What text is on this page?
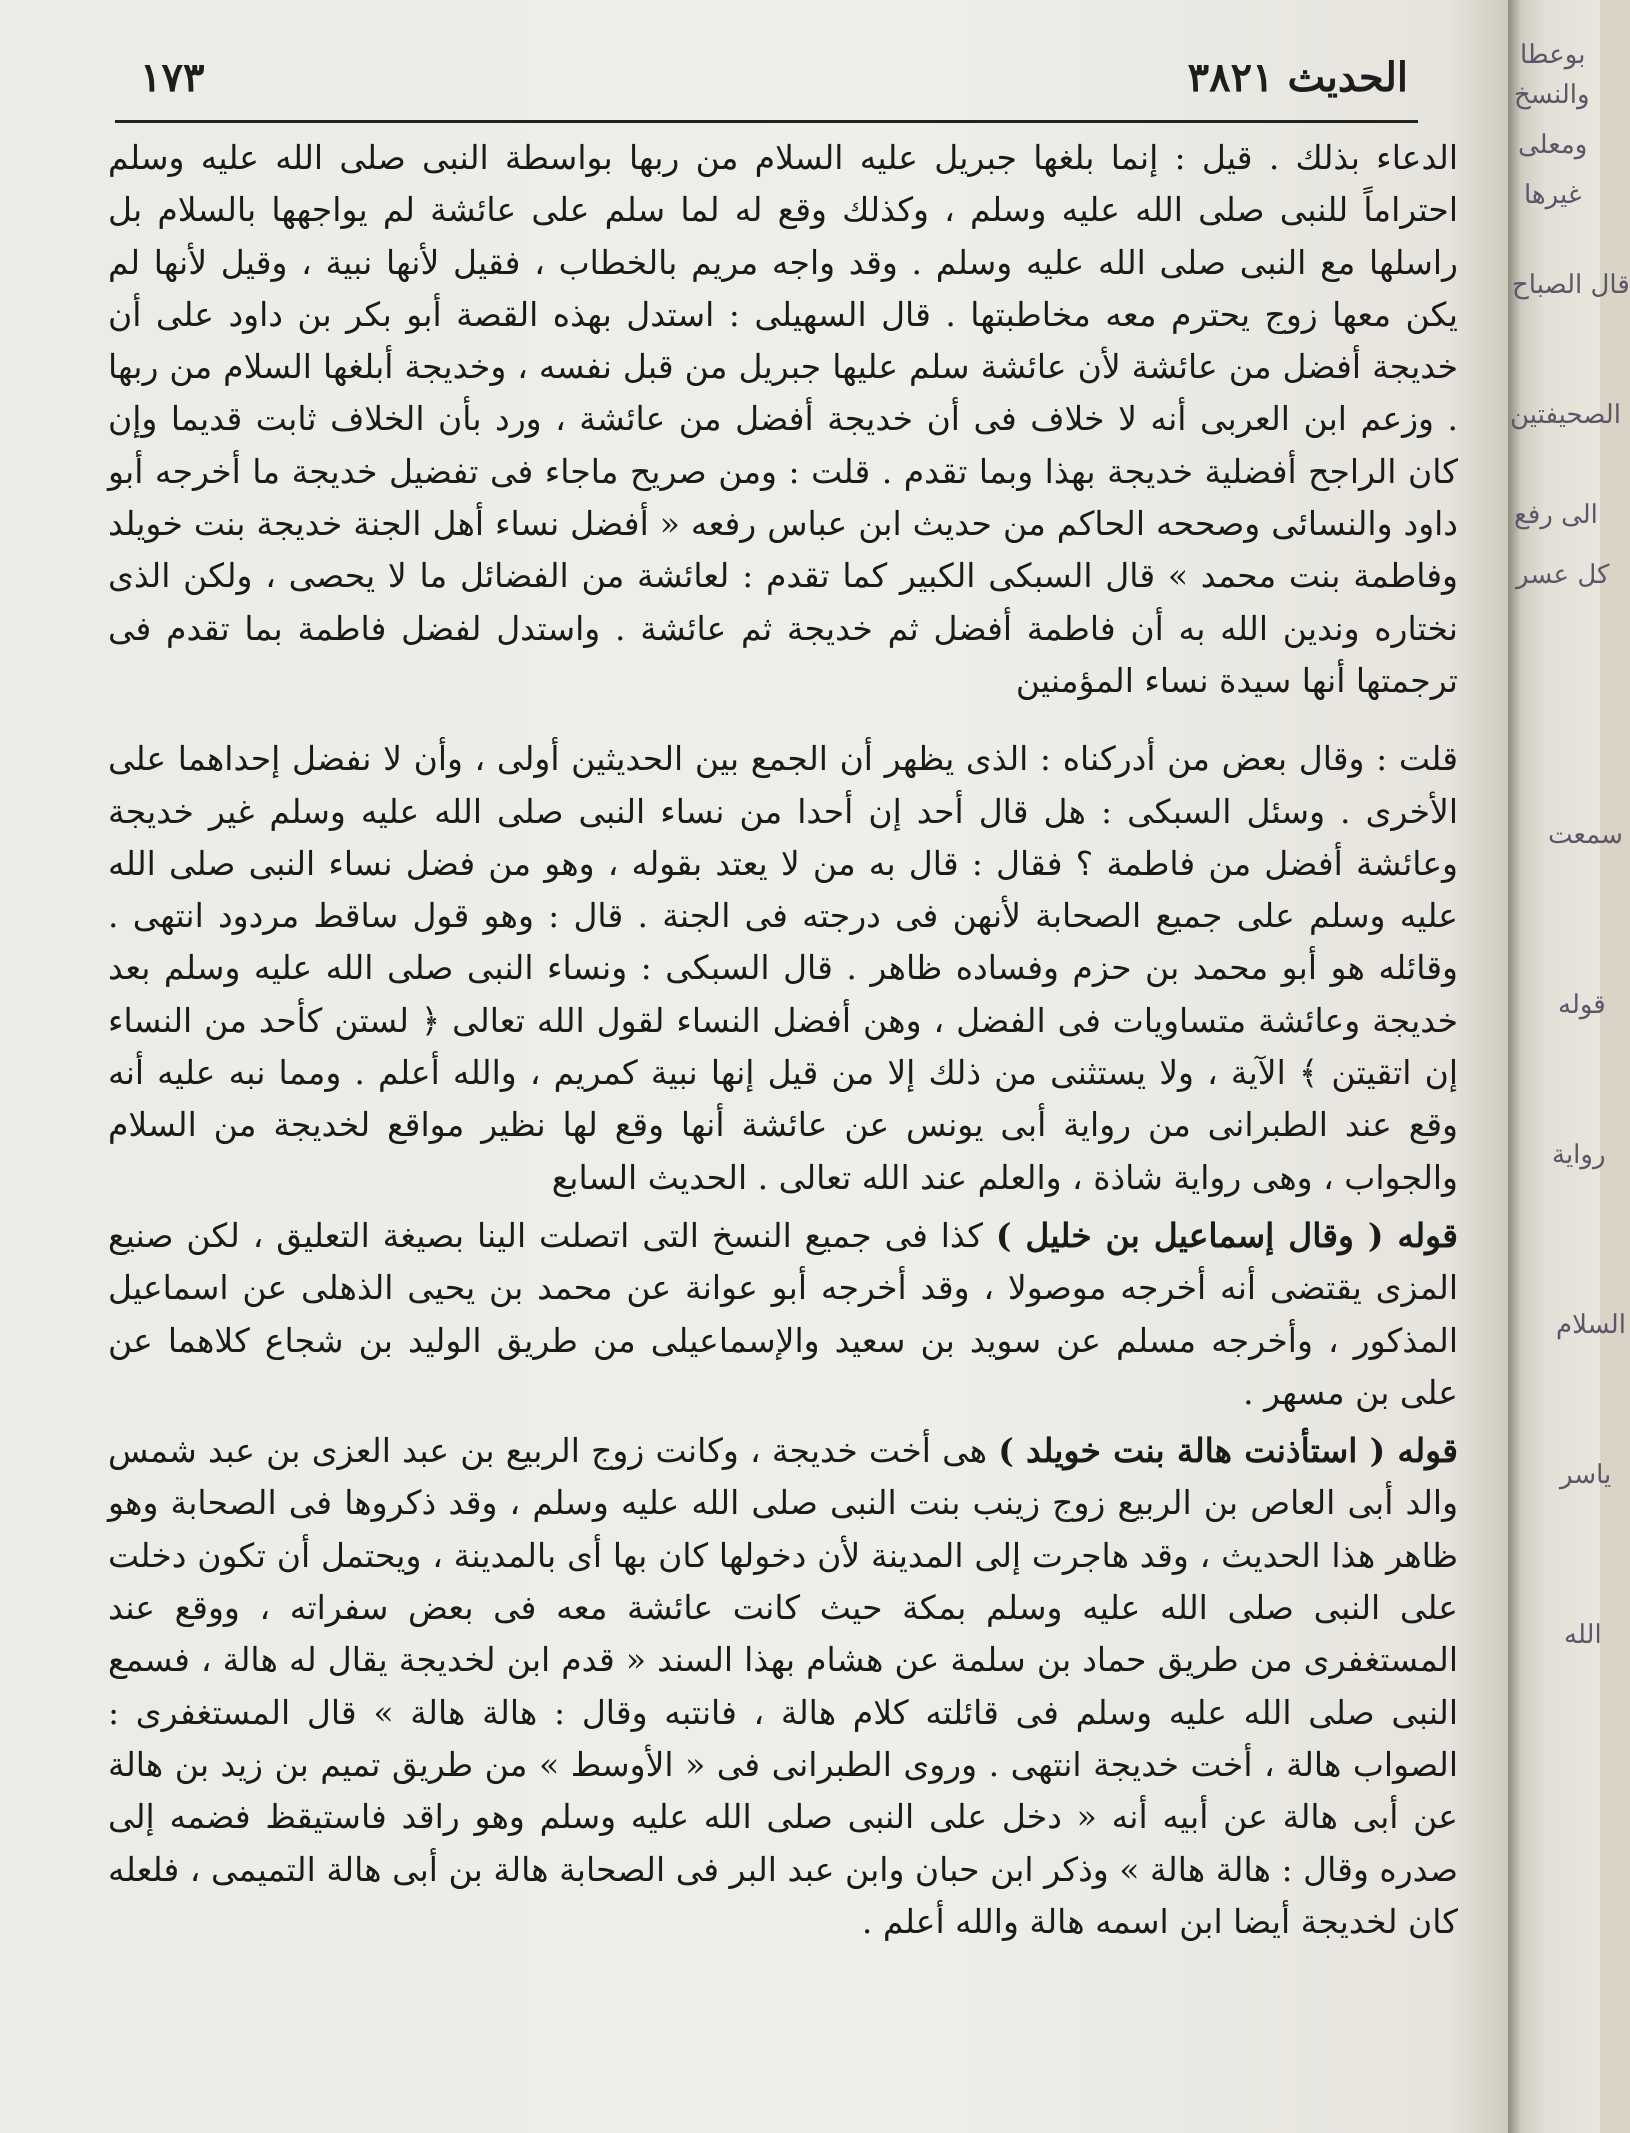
الحديث ٣٨٢١
١٧٣

الدعاء بذلك . قيل : إنما بلغها جبريل عليه السلام من ربها بواسطة النبى صلى الله عليه وسلم احتراماً للنبى صلى الله عليه وسلم ، وكذلك وقع له لما سلم على عائشة لم يواجهها بالسلام بل راسلها مع النبى صلى الله عليه وسلم . وقد واجه مريم بالخطاب ، فقيل لأنها نبية ، وقيل لأنها لم يكن معها زوج يحترم معه مخاطبتها . قال السهيلى : استدل بهذه القصة أبو بكر بن داود على أن خديجة أفضل من عائشة لأن عائشة سلم عليها جبريل من قبل نفسه ، وخديجة أبلغها السلام من ربها . وزعم ابن العربى أنه لا خلاف فى أن خديجة أفضل من عائشة ، ورد بأن الخلاف ثابت قديما وإن كان الراجح أفضلية خديجة بهذا وبما تقدم . قلت : ومن صريح ماجاء فى تفضيل خديجة ما أخرجه أبو داود والنسائى وصححه الحاكم من حديث ابن عباس رفعه « أفضل نساء أهل الجنة خديجة بنت خويلد وفاطمة بنت محمد » قال السبكى الكبير كما تقدم : لعائشة من الفضائل ما لا يحصى ، ولكن الذى نختاره وندين الله به أن فاطمة أفضل ثم خديجة ثم عائشة . واستدل لفضل فاطمة بما تقدم فى ترجمتها أنها سيدة نساء المؤمنين

قلت : وقال بعض من أدركناه : الذى يظهر أن الجمع بين الحديثين أولى ، وأن لا نفضل إحداهما على الأخرى . وسئل السبكى : هل قال أحد إن أحدا من نساء النبى صلى الله عليه وسلم غير خديجة وعائشة أفضل من فاطمة ؟ فقال : قال به من لا يعتد بقوله ، وهو من فضل نساء النبى صلى الله عليه وسلم على جميع الصحابة لأنهن فى درجته فى الجنة . قال : وهو قول ساقط مردود انتهى . وقائله هو أبو محمد بن حزم وفساده ظاهر . قال السبكى : ونساء النبى صلى الله عليه وسلم بعد خديجة وعائشة متساويات فى الفضل ، وهن أفضل النساء لقول الله تعالى ﴿ لستن كأحد من النساء إن اتقيتن ﴾ الآية ، ولا يستثنى من ذلك إلا من قيل إنها نبية كمريم ، والله أعلم . ومما نبه عليه أنه وقع عند الطبرانى من رواية أبى يونس عن عائشة أنها وقع لها نظير مواقع لخديجة من السلام والجواب ، وهى رواية شاذة ، والعلم عند الله تعالى . الحديث السابع

قوله ( وقال إسماعيل بن خليل ) كذا فى جميع النسخ التى اتصلت الينا بصيغة التعليق ، لكن صنيع المزى يقتضى أنه أخرجه موصولا ، وقد أخرجه أبو عوانة عن محمد بن يحيى الذهلى عن اسماعيل المذكور ، وأخرجه مسلم عن سويد بن سعيد والإسماعيلى من طريق الوليد بن شجاع كلاهما عن على بن مسهر .

قوله ( استأذنت هالة بنت خويلد ) هى أخت خديجة ، وكانت زوج الربيع بن عبد العزى بن عبد شمس والد أبى العاص بن الربيع زوج زينب بنت النبى صلى الله عليه وسلم ، وقد ذكروها فى الصحابة وهو ظاهر هذا الحديث ، وقد هاجرت إلى المدينة لأن دخولها كان بها أى بالمدينة ، ويحتمل أن تكون دخلت على النبى صلى الله عليه وسلم بمكة حيث كانت عائشة معه فى بعض سفراته ، ووقع عند المستغفرى من طريق حماد بن سلمة عن هشام بهذا السند « قدم ابن لخديجة يقال له هالة ، فسمع النبى صلى الله عليه وسلم فى قائلته كلام هالة ، فانتبه وقال : هالة هالة » قال المستغفرى : الصواب هالة ، أخت خديجة انتهى . وروى الطبرانى فى « الأوسط » من طريق تميم بن زيد بن هالة عن أبى هالة عن أبيه أنه « دخل على النبى صلى الله عليه وسلم وهو راقد فاستيقظ فضمه إلى صدره وقال : هالة هالة » وذكر ابن حبان وابن عبد البر فى الصحابة هالة بن أبى هالة التميمى ، فلعله كان لخديجة أيضا ابن اسمه هالة والله أعلم .

بوعطا
والنسخ
ومعلى
غيرها
قال الصباح
الصحيفتين
الى رفع
كل عسر
سمعت
قوله
رواية
السلام
ياسر
الله
